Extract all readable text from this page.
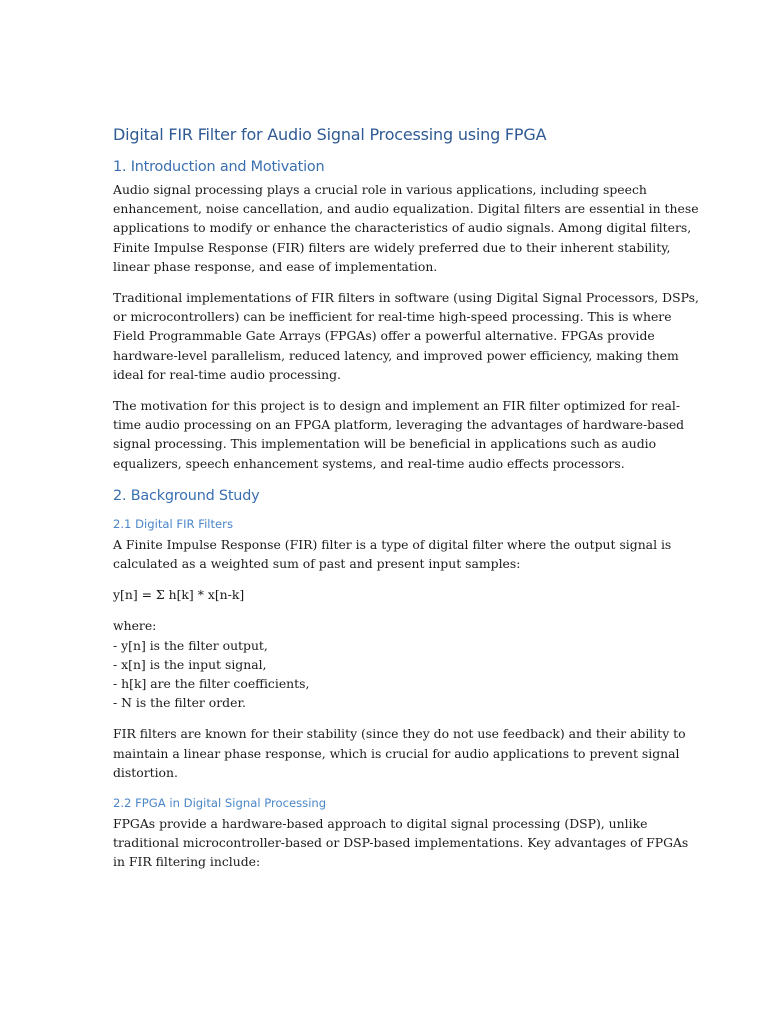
Digital FIR Filter for Audio Signal Processing using FPGA
1. Introduction and Motivation

Audio signal processing plays a crucial role in various applications, including speech
enhancement, noise cancellation, and audio equalization. Digital filters are essential in these
applications to modify or enhance the characteristics of audio signals. Among digital filters,
Finite Impulse Response (FIR) filters are widely preferred due to their inherent stability,
linear phase response, and ease of implementation.

Traditional implementations of FIR filters in software (using Digital Signal Processors, DSPs,
or microcontrollers) can be inefficient for real-time high-speed processing. This is where
Field Programmable Gate Arrays (FPGAs) offer a powerful alternative. FPGAs provide
hardware-level parallelism, reduced latency, and improved power efficiency, making them
ideal for real-time audio processing.

The motivation for this project is to design and implement an FIR filter optimized for real-
time audio processing on an FPGA platform, leveraging the advantages of hardware-based
signal processing. This implementation will be beneficial in applications such as audio
equalizers, speech enhancement systems, and real-time audio effects processors.

2. Background Study
2.1 Digital FIR Filters

A Finite Impulse Response (FIR) filter is a type of digital filter where the output signal is
calculated as a weighted sum of past and present input samples:

y[n] = Σ h[k] * x[n-k]

where:
- y[n] is the filter output,
- x[n] is the input signal,
- h[k] are the filter coefficients,
- N is the filter order.

FIR filters are known for their stability (since they do not use feedback) and their ability to
maintain a linear phase response, which is crucial for audio applications to prevent signal
distortion.

2.2 FPGA in Digital Signal Processing

FPGAs provide a hardware-based approach to digital signal processing (DSP), unlike
traditional microcontroller-based or DSP-based implementations. Key advantages of FPGAs
in FIR filtering include:
